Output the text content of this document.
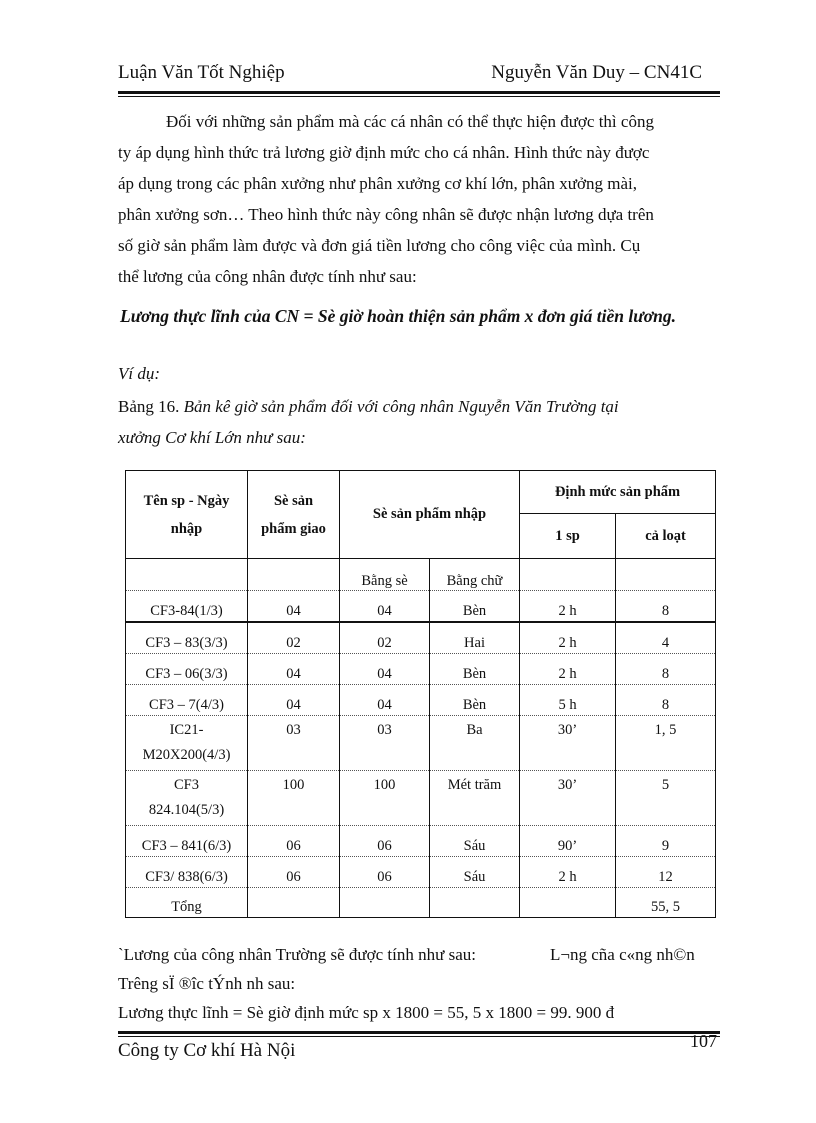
Luận Văn Tốt Nghiệp	Nguyễn Văn Duy – CN41C
Đối với những sản phẩm mà các cá nhân có thể thực hiện được thì công
ty áp dụng hình thức trả lương giờ định mức cho cá nhân. Hình thức này được
áp dụng trong các phân xưởng như phân xưởng cơ khí lớn, phân xưởng mài,
phân xưởng sơn… Theo hình thức này công nhân sẽ được nhận lương dựa trên
số giờ sản phẩm làm được và đơn giá tiền lương cho công việc của mình. Cụ
thể lương của công nhân được tính như sau:
Lương thực lĩnh của CN = Sè giờ hoàn thiện sản phẩm x đơn giá tiền lương.
Ví dụ:
Bảng 16. Bản kê giờ sản phẩm đối với công nhân Nguyễn Văn Trường tại
xưởng Cơ khí Lớn như sau:
Tên sp - Ngày nhập	Sè sản phẩm giao	Sè sản phẩm nhập		Định mức sản phẩm	
				1 sp	cả loạt
		Bằng sè	Bằng chữ		
CF3-84(1/3)	04	04	Bèn	2 h	8
CF3 – 83(3/3)	02	02	Hai	2 h	4
CF3 – 06(3/3)	04	04	Bèn	2 h	8
CF3 – 7(4/3)	04	04	Bèn	5 h	8

IC21-
M20X200(4/3)	03	03	Ba	30’	1, 5

CF3
824.104(5/3)	100	100	Mét trăm	30’	5
CF3 – 841(6/3)	06	06	Sáu	90’	9
CF3/ 838(6/3)	06	06	Sáu	2 h	12
Tổng					55, 5
`Lương của công nhân Trường sẽ được tính như sau:	L¬ng cña c«ng nh©n
Trêng sÏ ®îc tÝnh nh sau:
Lương thực lĩnh = Sè giờ định mức sp x 1800 = 55, 5 x 1800 = 99. 900 đ
Công ty Cơ khí Hà Nội	107
